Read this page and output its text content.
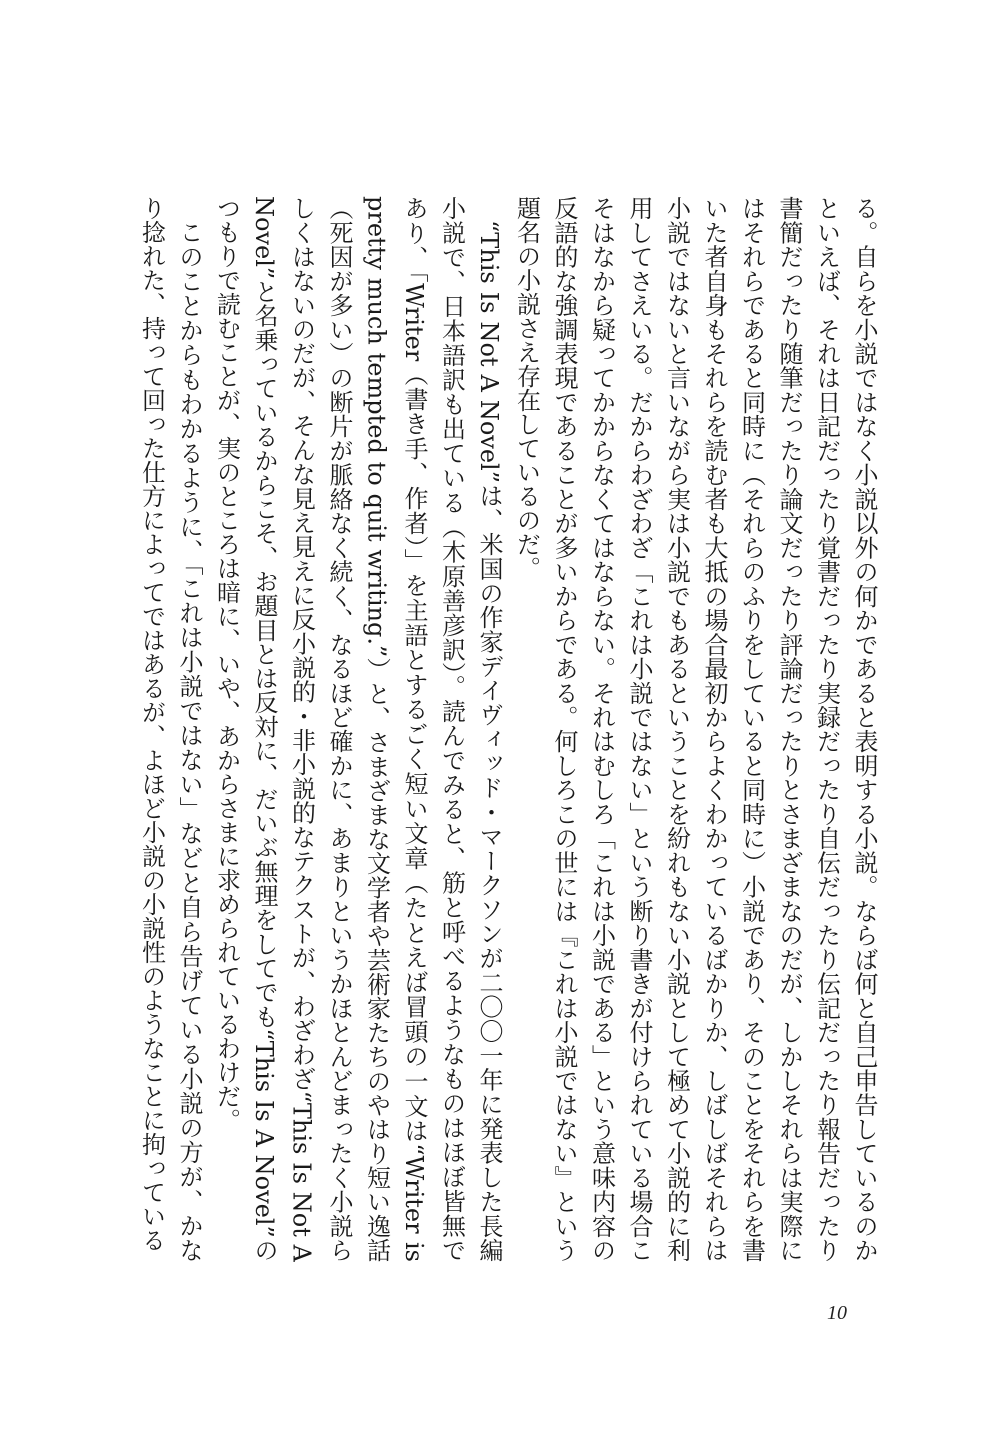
る。自らを小説ではなく小説以外の何かであると表明する小説。ならば何と自己申告しているのかといえば、それは日記だったり覚書だったり実録だったり自伝だったり伝記だったり報告だったり書簡だったり随筆だったり論文だったり評論だったりとさまざまなのだが、しかしそれらは実際にはそれらであると同時に（それらのふりをしていると同時に）小説であり、そのことをそれらを書いた者自身もそれらを読む者も大抵の場合最初からよくわかっているばかりか、しばしばそれらは小説ではないと言いながら実は小説でもあるということを紛れもない小説として極めて小説的に利用してさえいる。だからわざわざ「これは小説ではない」という断り書きが付けられている場合こそはなから疑ってかからなくてはならない。それはむしろ「これは小説である」という意味内容の反語的な強調表現であることが多いからである。何しろこの世には『これは小説ではない』という題名の小説さえ存在しているのだ。

“This Is Not A Novel”は、米国の作家デイヴィッド・マークソンが二〇〇一年に発表した長編小説で、日本語訳も出ている（木原善彦訳）。読んでみると、筋と呼べるようなものはほぼ皆無であり、「Writer（書き手、作者）」を主語とするごく短い文章（たとえば冒頭の一文は“Writer is pretty much tempted to quit writing.”）と、さまざまな文学者や芸術家たちのやはり短い逸話（死因が多い）の断片が脈絡なく続く、なるほど確かに、あまりというかほとんどまったく小説らしくはないのだが、そんな見え見えに反小説的・非小説的なテクストが、わざわざ“This Is Not A Novel”と名乗っているからこそ、お題目とは反対に、だいぶ無理をしてでも“This Is A Novel”のつもりで読むことが、実のところは暗に、いや、あからさまに求められているわけだ。

このことからもわかるように、「これは小説ではない」などと自ら告げている小説の方が、かなり捻れた、持って回った仕方によってではあるが、よほど小説の小説性のようなことに拘っている

10
